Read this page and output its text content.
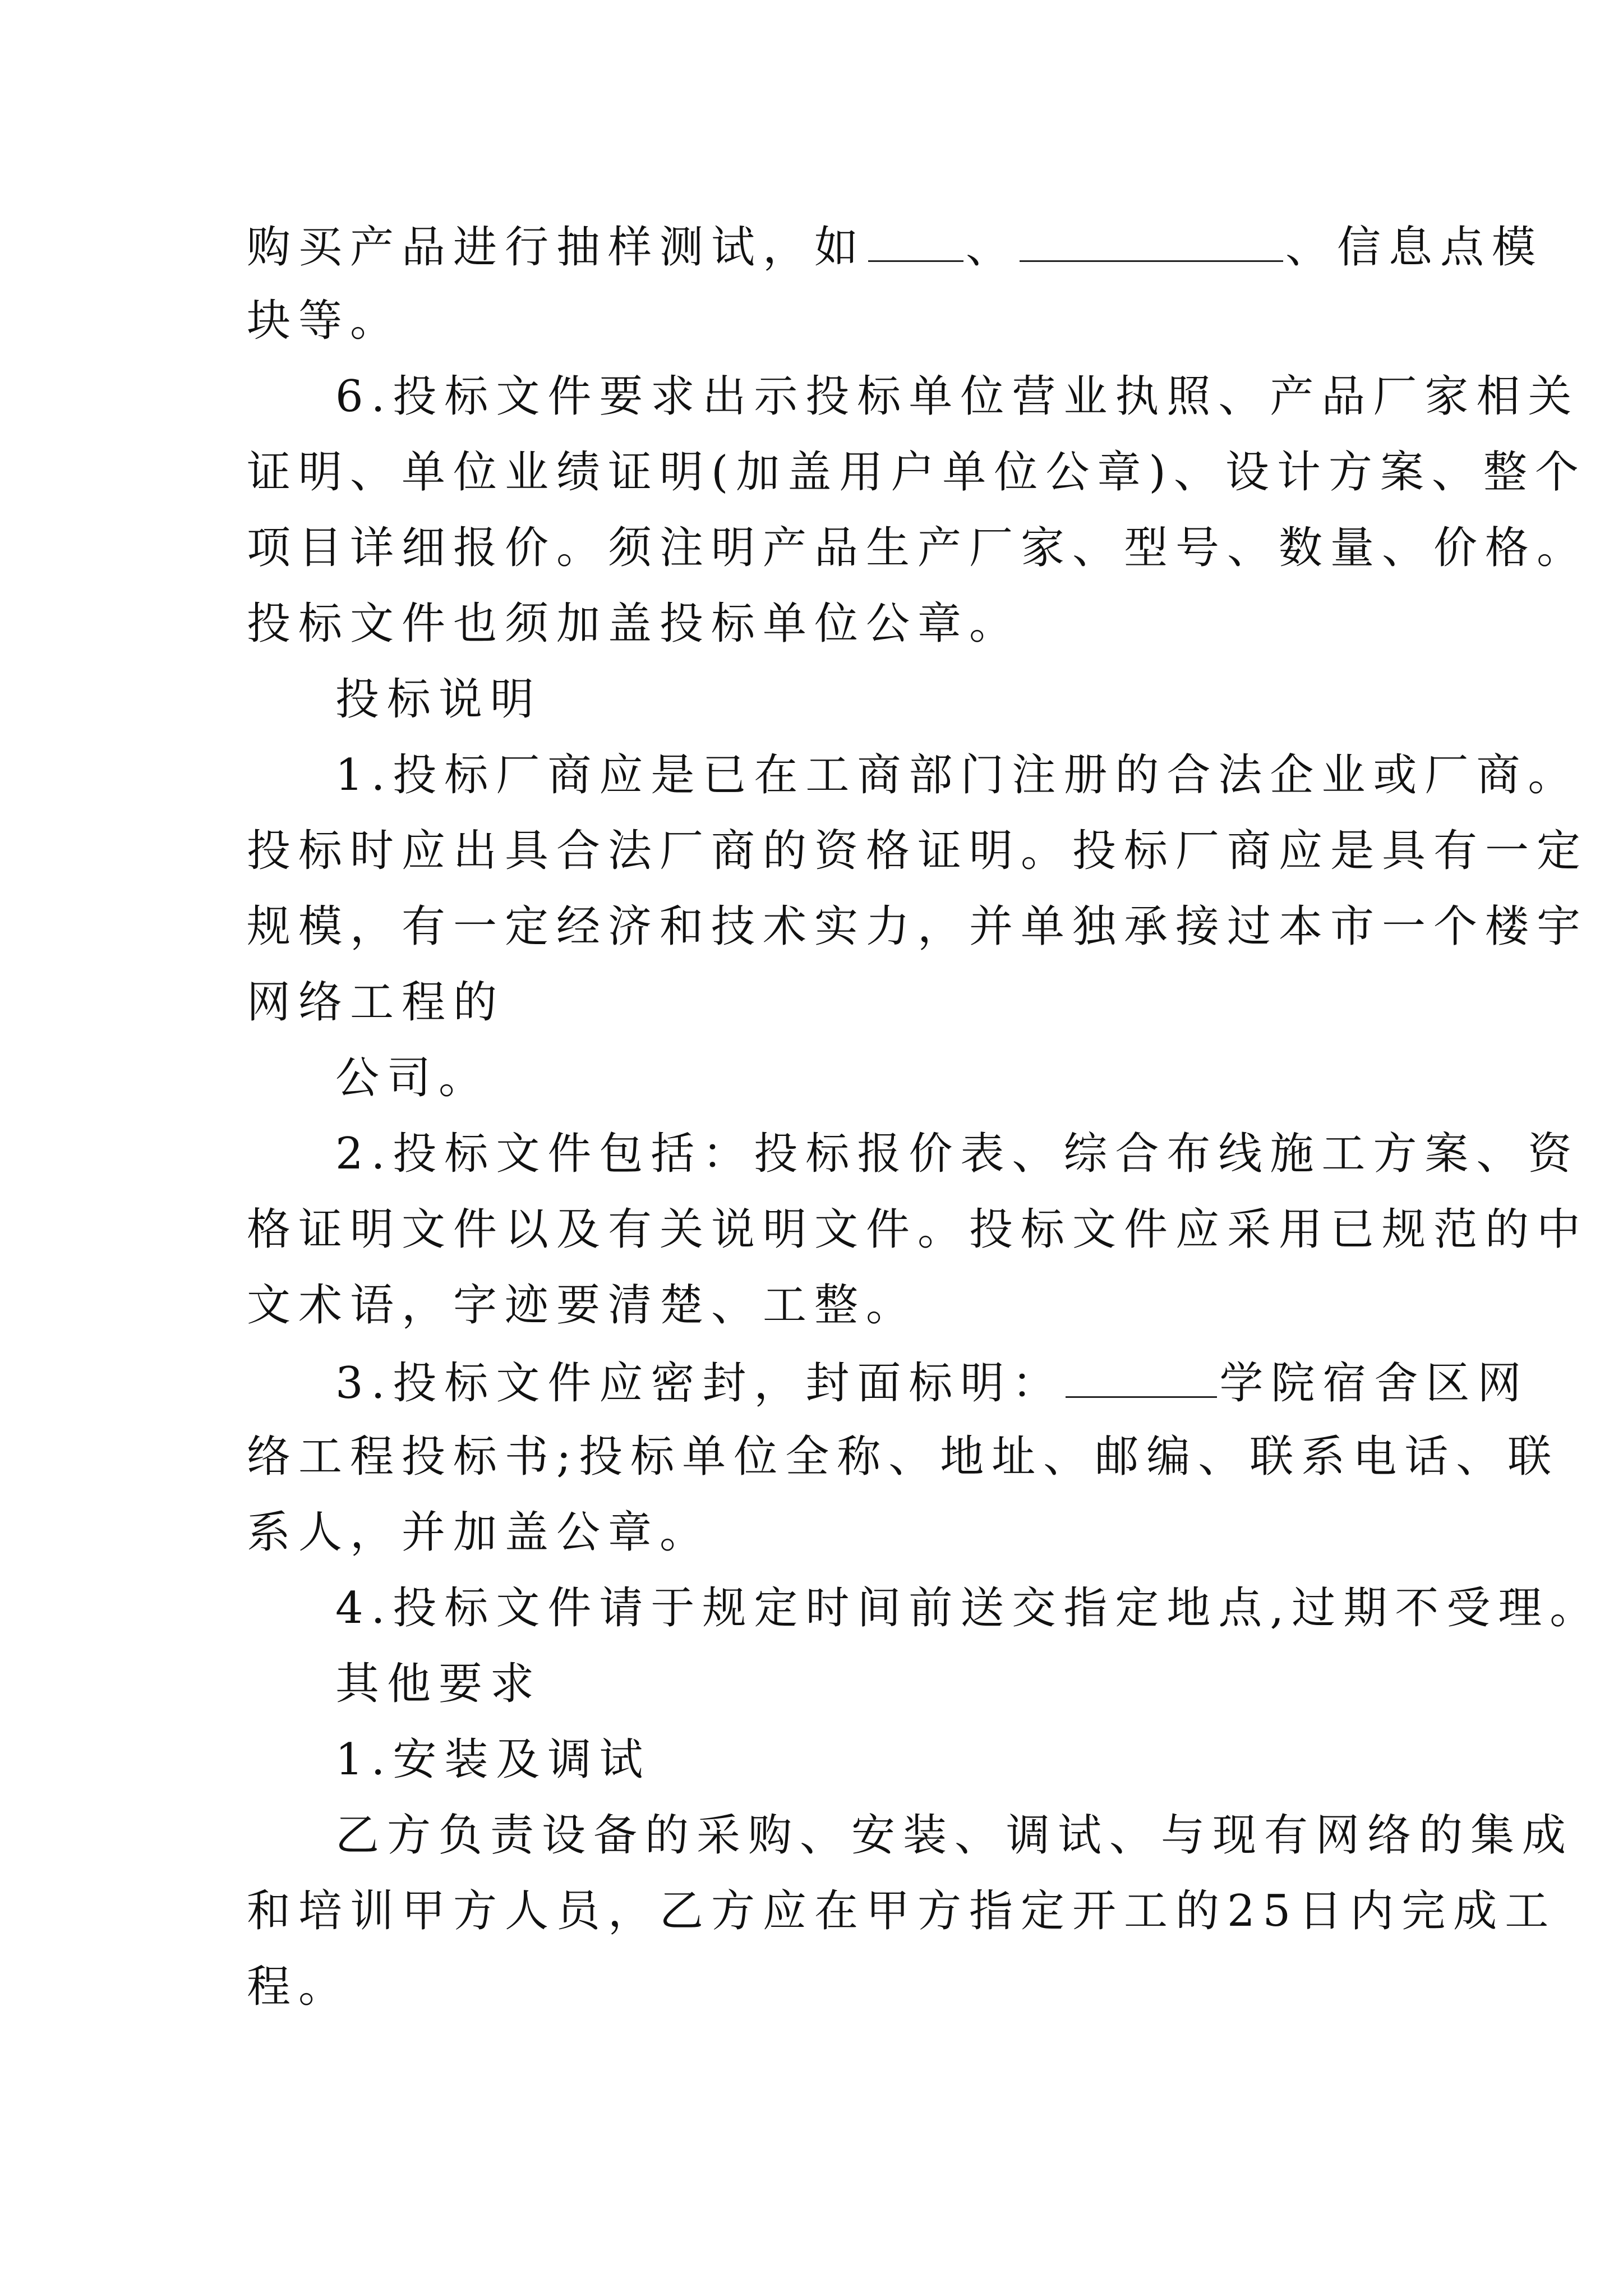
购买产品进行抽样测试，如 、	、信息点模
块等。
6.投标文件要求出示投标单位营业执照、产品厂家相关
证明、单位业绩证明(加盖用户单位公章)、设计方案、整个
项目详细报价。须注明产品生产厂家、型号、数量、价格。
投标文件也须加盖投标单位公章。
投标说明
1.投标厂商应是已在工商部门注册的合法企业或厂商。
投标时应出具合法厂商的资格证明。投标厂商应是具有一定
规模，有一定经济和技术实力，并单独承接过本市一个楼宇
网络工程的
公司。
2.投标文件包括：投标报价表、综合布线施工方案、资
格证明文件以及有关说明文件。投标文件应采用已规范的中
文术语，字迹要清楚、工整。
3.投标文件应密封，封面标明：	学院宿舍区网
络工程投标书;投标单位全称、地址、邮编、联系电话、联
系人，并加盖公章。
4.投标文件请于规定时间前送交指定地点,过期不受理。
其他要求
1.安装及调试
乙方负责设备的采购、安装、调试、与现有网络的集成
和培训甲方人员，乙方应在甲方指定开工的25日内完成工
程。
